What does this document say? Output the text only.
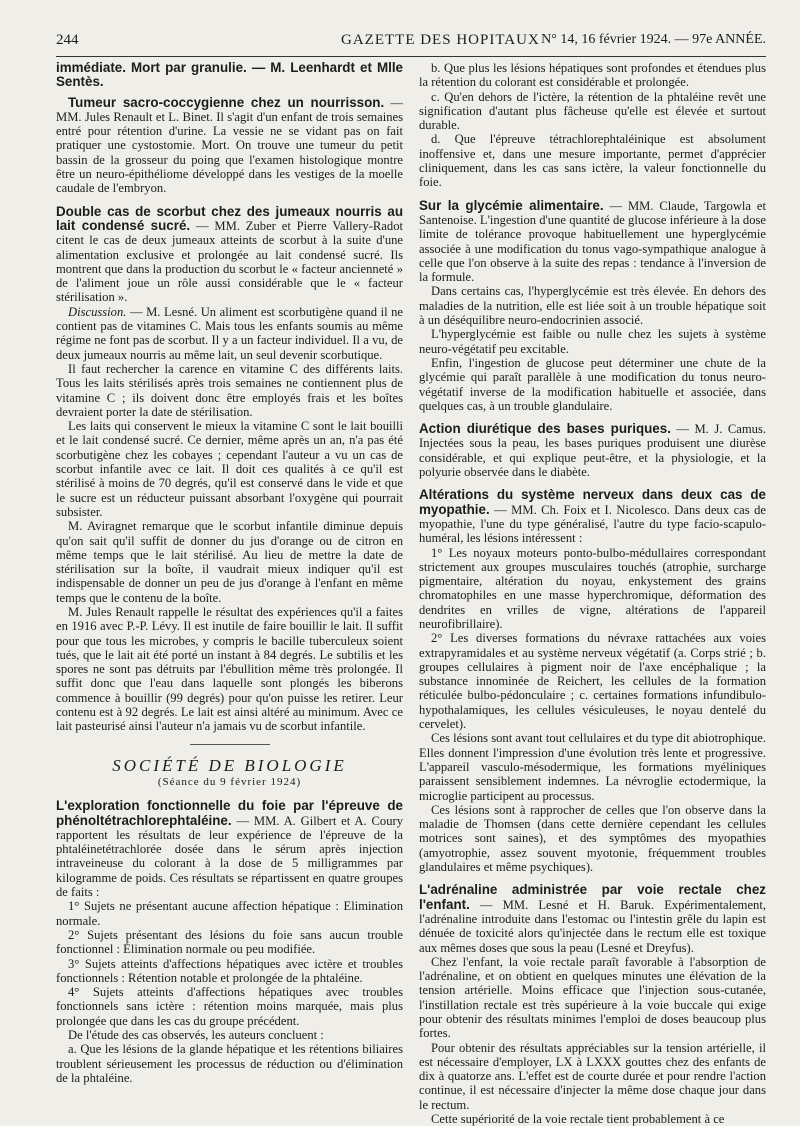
244	GAZETTE DES HOPITAUX N° 14, 16 février 1924. — 97e ANNÉE.

immédiate. Mort par granulie. — M. Leenhardt et Mlle Sentès.

Tumeur sacro-coccygienne chez un nourrisson. — MM. Jules Renault et L. Binet. Il s'agit d'un enfant de trois semaines entré pour rétention d'urine. La vessie ne se vidant pas on fait pratiquer une cystostomie. Mort. On trouve une tumeur du petit bassin de la grosseur du poing que l'examen histologique montre être un neuro-épithéliome développé dans les vestiges de la moelle caudale de l'embryon.

Double cas de scorbut chez des jumeaux nourris au lait condensé sucré. — MM. Zuber et Pierre Vallery-Radot citent le cas de deux jumeaux atteints de scorbut à la suite d'une alimentation exclusive et prolongée au lait condensé sucré. Ils montrent que dans la production du scorbut le « facteur ancienneté » de l'aliment joue un rôle aussi considérable que le « facteur stérilisation ».

Discussion. — M. Lesné. Un aliment est scorbutigène quand il ne contient pas de vitamines C. Mais tous les enfants soumis au même régime ne font pas de scorbut. Il y a un facteur individuel. Il a vu, de deux jumeaux nourris au même lait, un seul devenir scorbutique.

Il faut rechercher la carence en vitamine C des différents laits. Tous les laits stérilisés après trois semaines ne contiennent plus de vitamine C ; ils doivent donc être employés frais et les boîtes devraient porter la date de stérilisation.

Les laits qui conservent le mieux la vitamine C sont le lait bouilli et le lait condensé sucré. Ce dernier, même après un an, n'a pas été scorbutigène chez les cobayes ; cependant l'auteur a vu un cas de scorbut infantile avec ce lait. Il doit ces qualités à ce qu'il est stérilisé à moins de 70 degrés, qu'il est conservé dans le vide et que le sucre est un réducteur puissant absorbant l'oxygène qui pourrait subsister.

M. Aviragnet remarque que le scorbut infantile diminue depuis qu'on sait qu'il suffit de donner du jus d'orange ou de citron en même temps que le lait stérilisé. Au lieu de mettre la date de stérilisation sur la boîte, il vaudrait mieux indiquer qu'il est indispensable de donner un peu de jus d'orange à l'enfant en même temps que le contenu de la boîte.

M. Jules Renault rappelle le résultat des expériences qu'il a faites en 1916 avec P.-P. Lévy. Il est inutile de faire bouillir le lait. Il suffit pour que tous les microbes, y compris le bacille tuberculeux soient tués, que le lait ait été porté un instant à 84 degrés. Le subtilis et les spores ne sont pas détruits par l'ébullition même très prolongée. Il suffit donc que l'eau dans laquelle sont plongés les biberons commence à bouillir (99 degrés) pour qu'on puisse les retirer. Leur contenu est à 92 degrés. Le lait est ainsi altéré au minimum. Avec ce lait pasteurisé ainsi l'auteur n'a jamais vu de scorbut infantile.

SOCIÉTÉ DE BIOLOGIE
(Séance du 9 février 1924)

L'exploration fonctionnelle du foie par l'épreuve de phénoltétrachlorephtaléine. — MM. A. Gilbert et A. Coury rapportent les résultats de leur expérience de l'épreuve de la phtaléinetétrachlorée dosée dans le sérum après injection intraveineuse du colorant à la dose de 5 milligrammes par kilogramme de poids. Ces résultats se répartissent en quatre groupes de faits :

1° Sujets ne présentant aucune affection hépatique : Elimination normale.

2° Sujets présentant des lésions du foie sans aucun trouble fonctionnel : Élimination normale ou peu modifiée.

3° Sujets atteints d'affections hépatiques avec ictère et troubles fonctionnels : Rétention notable et prolongée de la phtaléine.

4° Sujets atteints d'affections hépatiques avec troubles fonctionnels sans ictère : rétention moins marquée, mais plus prolongée que dans les cas du groupe précédent.

De l'étude des cas observés, les auteurs concluent :

a. Que les lésions de la glande hépatique et les rétentions biliaires troublent sérieusement les processus de réduction ou d'élimination de la phtaléine.

b. Que plus les lésions hépatiques sont profondes et étendues plus la rétention du colorant est considérable et prolongée.

c. Qu'en dehors de l'ictère, la rétention de la phtaléine revêt une signification d'autant plus fâcheuse qu'elle est élevée et surtout durable.

d. Que l'épreuve tétrachlorephtaléinique est absolument inoffensive et, dans une mesure importante, permet d'apprécier cliniquement, dans les cas sans ictère, la valeur fonctionnelle du foie.

Sur la glycémie alimentaire. — MM. Claude, Targowla et Santenoise. L'ingestion d'une quantité de glucose inférieure à la dose limite de tolérance provoque habituellement une hyperglycémie associée à une modification du tonus vago-sympathique analogue à celle que l'on observe à la suite des repas : tendance à l'inversion de la formule.

Dans certains cas, l'hyperglycémie est très élevée. En dehors des maladies de la nutrition, elle est liée soit à un trouble hépatique soit à un déséquilibre neuro-endocrinien associé.

L'hyperglycémie est faible ou nulle chez les sujets à système neuro-végétatif peu excitable.

Enfin, l'ingestion de glucose peut déterminer une chute de la glycémie qui paraît parallèle à une modification du tonus neuro-végétatif inverse de la modification habituelle et associée, dans quelques cas, à un trouble glandulaire.

Action diurétique des bases puriques. — M. J. Camus. Injectées sous la peau, les bases puriques produisent une diurèse considérable, et qui explique peut-être, et la physiologie, et la polyurie observée dans le diabète.

Altérations du système nerveux dans deux cas de myopathie. — MM. Ch. Foix et I. Nicolesco. Dans deux cas de myopathie, l'une du type généralisé, l'autre du type facio-scapulo-huméral, les lésions intéressent :

1° Les noyaux moteurs ponto-bulbo-médullaires correspondant strictement aux groupes musculaires touchés (atrophie, surcharge pigmentaire, altération du noyau, enkystement des grains chromatophiles en une masse hyperchromique, déformation des dendrites en vrilles de vigne, altérations de l'appareil neurofibrillaire).

2° Les diverses formations du névraxe rattachées aux voies extrapyramidales et au système nerveux végétatif (a. Corps strié ; b. groupes cellulaires à pigment noir de l'axe encéphalique ; la substance innominée de Reichert, les cellules de la formation réticulée bulbo-pédonculaire ; c. certaines formations infundibulo-hypothalamiques, les cellules vésiculeuses, le noyau dentelé du cervelet).

Ces lésions sont avant tout cellulaires et du type dit abiotrophique. Elles donnent l'impression d'une évolution très lente et progressive. L'appareil vasculo-mésodermique, les formations myéliniques paraissent sensiblement indemnes. La névroglie ectodermique, la microglie participent au processus.

Ces lésions sont à rapprocher de celles que l'on observe dans la maladie de Thomsen (dans cette dernière cependant les cellules motrices sont saines), et des symptômes des myopathies (amyotrophie, assez souvent myotonie, fréquemment troubles glandulaires et même psychiques).

L'adrénaline administrée par voie rectale chez l'enfant. — MM. Lesné et H. Baruk. Expérimentalement, l'adrénaline introduite dans l'estomac ou l'intestin grêle du lapin est dénuée de toxicité alors qu'injectée dans le rectum elle est toxique aux mêmes doses que sous la peau (Lesné et Dreyfus).

Chez l'enfant, la voie rectale paraît favorable à l'absorption de l'adrénaline, et on obtient en quelques minutes une élévation de la tension artérielle. Moins efficace que l'injection sous-cutanée, l'instillation rectale est très supérieure à la voie buccale qui exige pour obtenir des résultats minimes l'emploi de doses beaucoup plus fortes.

Pour obtenir des résultats appréciables sur la tension artérielle, il est nécessaire d'employer, LX à LXXX gouttes chez des enfants de dix à quatorze ans. L'effet est de courte durée et pour rendre l'action continue, il est nécessaire d'injecter la même dose chaque jour dans le rectum.

Cette supériorité de la voie rectale tient probablement à ce
